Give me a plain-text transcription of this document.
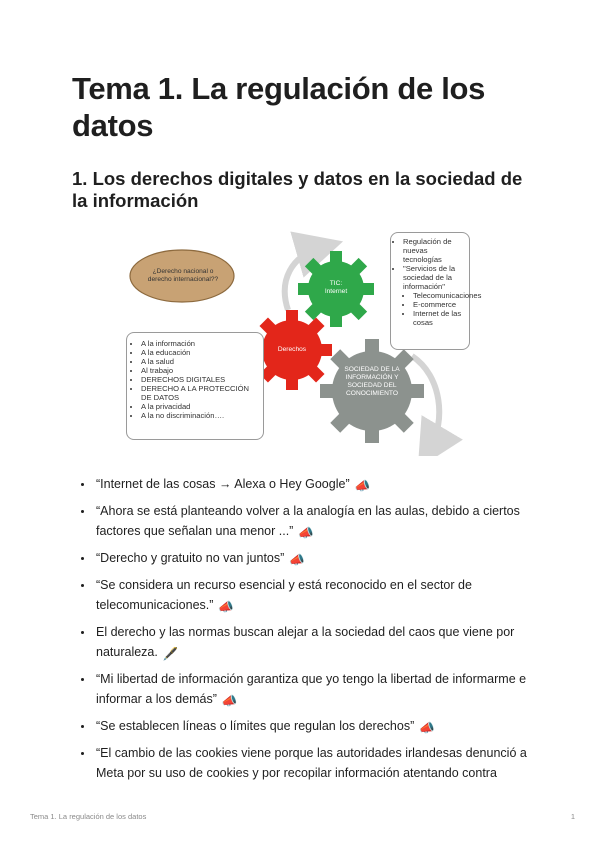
Tema 1. La regulación de los datos
1. Los derechos digitales y datos en la sociedad de la información
¿Derecho nacional o derecho internacional??
TIC: Internet
Derechos
SOCIEDAD DE LA INFORMACIÓN Y SOCIEDAD DEL CONOCIMIENTO
• Regulación de nuevas tecnologías
• "Servicios de la sociedad de la información"
• Telecomunicaciones
• E-commerce
• Internet de las cosas
• A la información
• A la educación
• A la salud
• Al trabajo
• DERECHOS DIGITALES
• DERECHO A LA PROTECCIÓN DE DATOS
• A la privacidad
• A la no discriminación….
• “Internet de las cosas → Alexa o Hey Google” 📣
• “Ahora se está planteando volver a la analogía en las aulas, debido a ciertos factores que señalan una menor ...” 📣
• “Derecho y gratuito no van juntos” 📣
• “Se considera un recurso esencial y está reconocido en el sector de telecomunicaciones.” 📣
• El derecho y las normas buscan alejar a la sociedad del caos que viene por naturaleza. 🖋️
• “Mi libertad de información garantiza que yo tengo la libertad de informarme e informar a los demás” 📣
• “Se establecen líneas o límites que regulan los derechos” 📣
• “El cambio de las cookies viene porque las autoridades irlandesas denunció a Meta por su uso de cookies y por recopilar información atentando contra
Tema 1. La regulación de los datos	1
